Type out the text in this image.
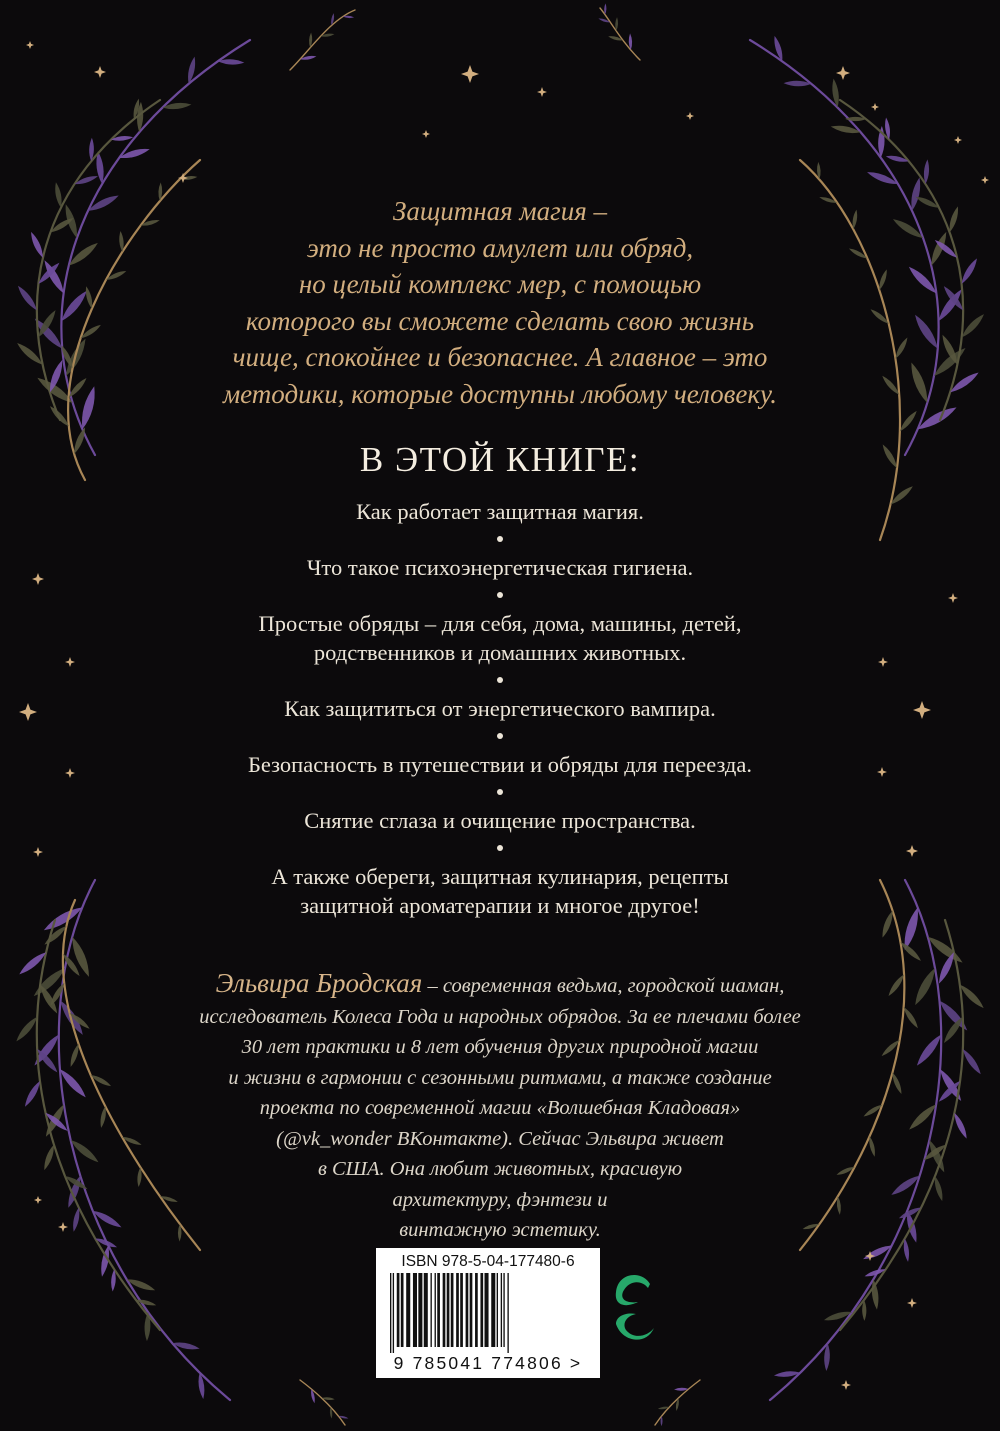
Защитная магия –
это не просто амулет или обряд,
но целый комплекс мер, с помощью
которого вы сможете сделать свою жизнь
чище, спокойнее и безопаснее. А главное – это
методики, которые доступны любому человеку.
В ЭТОЙ КНИГЕ:
Как работает защитная магия.
Что такое психоэнергетическая гигиена.
Простые обряды – для себя, дома, машины, детей,
родственников и домашних животных.
Как защититься от энергетического вампира.
Безопасность в путешествии и обряды для переезда.
Снятие сглаза и очищение пространства.
А также обереги, защитная кулинария, рецепты
защитной ароматерапии и многое другое!
Эльвира Бродская – современная ведьма, городской шаман,
исследователь Колеса Года и народных обрядов. За ее плечами более
30 лет практики и 8 лет обучения других природной магии
и жизни в гармонии с сезонными ритмами, а также создание
проекта по современной магии «Волшебная Кладовая»
(@vk_wonder ВКонтакте). Сейчас Эльвира живет
в США. Она любит животных, красивую
архитектуру, фэнтези и
винтажную эстетику.
ISBN 978-5-04-177480-6
9 785041 774806 >
